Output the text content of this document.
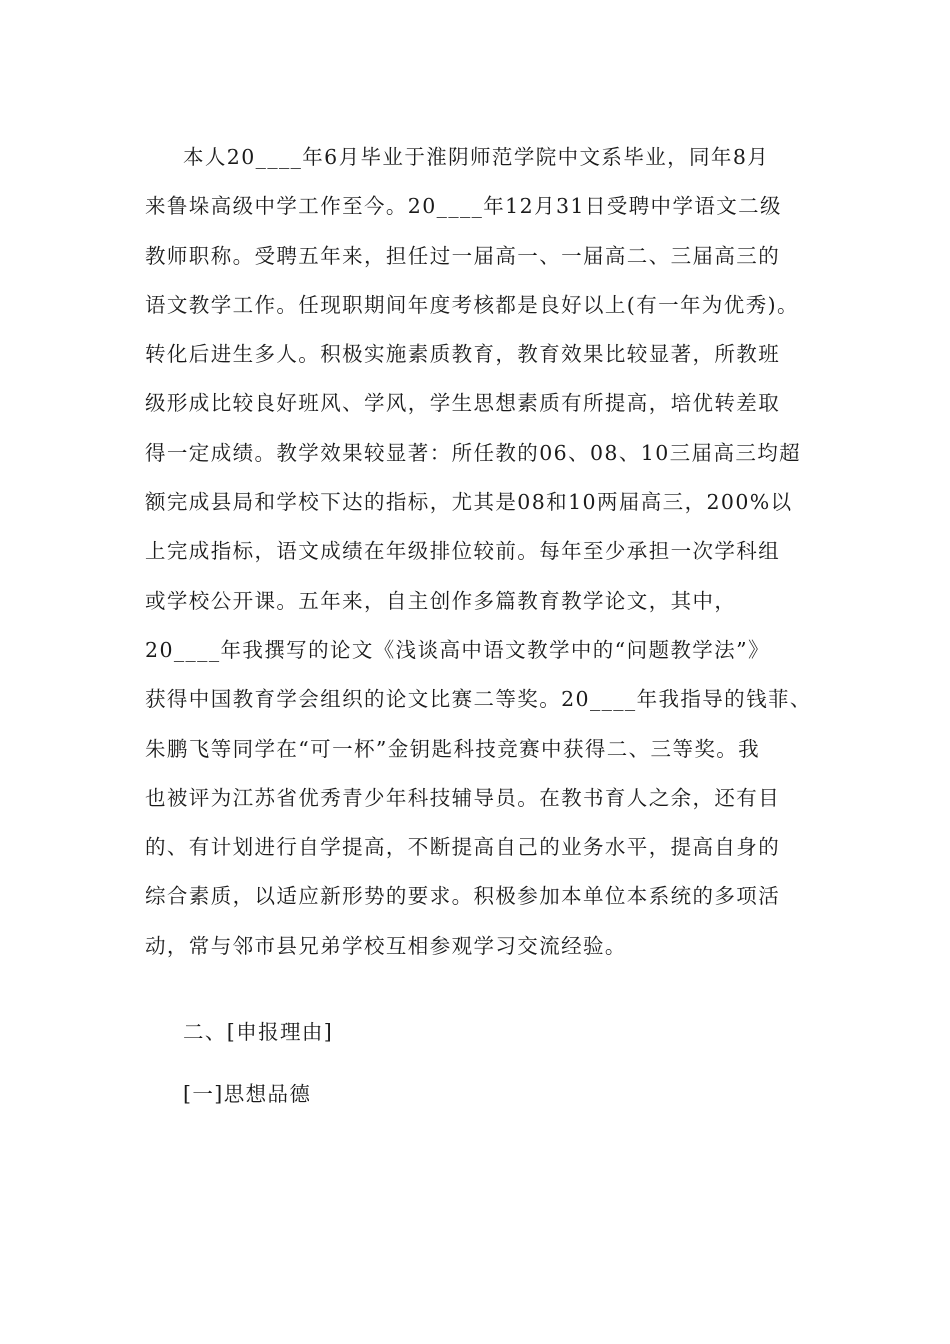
本人20____年6月毕业于淮阴师范学院中文系毕业，同年8月
来鲁垛高级中学工作至今。20____年12月31日受聘中学语文二级
教师职称。受聘五年来，担任过一届高一、一届高二、三届高三的
语文教学工作。任现职期间年度考核都是良好以上(有一年为优秀)。
转化后进生多人。积极实施素质教育，教育效果比较显著，所教班
级形成比较良好班风、学风，学生思想素质有所提高，培优转差取
得一定成绩。教学效果较显著：所任教的06、08、10三届高三均超
额完成县局和学校下达的指标，尤其是08和10两届高三，200%以
上完成指标，语文成绩在年级排位较前。每年至少承担一次学科组
或学校公开课。五年来，自主创作多篇教育教学论文，其中，
20____年我撰写的论文《浅谈高中语文教学中的“问题教学法”》
获得中国教育学会组织的论文比赛二等奖。20____年我指导的钱菲、
朱鹏飞等同学在“可一杯”金钥匙科技竞赛中获得二、三等奖。我
也被评为江苏省优秀青少年科技辅导员。在教书育人之余，还有目
的、有计划进行自学提高，不断提高自己的业务水平，提高自身的
综合素质，以适应新形势的要求。积极参加本单位本系统的多项活
动，常与邻市县兄弟学校互相参观学习交流经验。
二、[申报理由]
[一]思想品德
